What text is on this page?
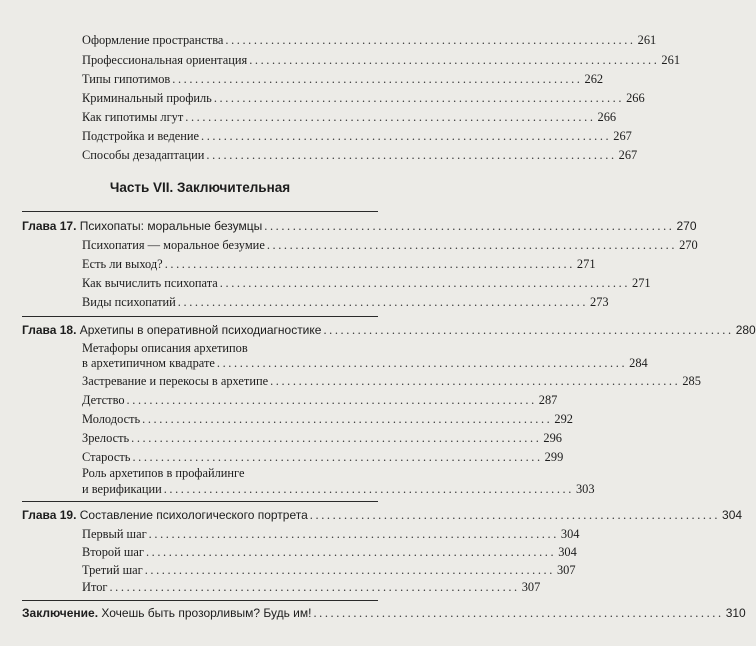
Оформление пространства ........................................................................ 261
Профессиональная ориентация ........................................................................ 261
Типы гипотимов ........................................................................ 262
Криминальный профиль ........................................................................ 266
Как гипотимы лгут ........................................................................ 266
Подстройка и ведение ........................................................................ 267
Способы дезадаптации ........................................................................ 267
Часть VII. Заключительная
Глава 17. Психопаты: моральные безумцы ........................................................................ 270
Психопатия — моральное безумие ........................................................................ 270
Есть ли выход? ........................................................................ 271
Как вычислить психопата ........................................................................ 271
Виды психопатий ........................................................................ 273
Глава 18. Архетипы в оперативной психодиагностике ........................................................................ 280
Метафоры описания архетипов
в архетипичном квадрате ........................................................................ 284
Застревание и перекосы в архетипе ........................................................................ 285
Детство ........................................................................ 287
Молодость ........................................................................ 292
Зрелость ........................................................................ 296
Старость ........................................................................ 299
Роль архетипов в профайлинге
и верификации ........................................................................ 303
Глава 19. Составление психологического портрета ........................................................................ 304
Первый шаг ........................................................................ 304
Второй шаг ........................................................................ 304
Третий шаг ........................................................................ 307
Итог ........................................................................ 307
Заключение. Хочешь быть прозорливым? Будь им! ........................................................................ 310
